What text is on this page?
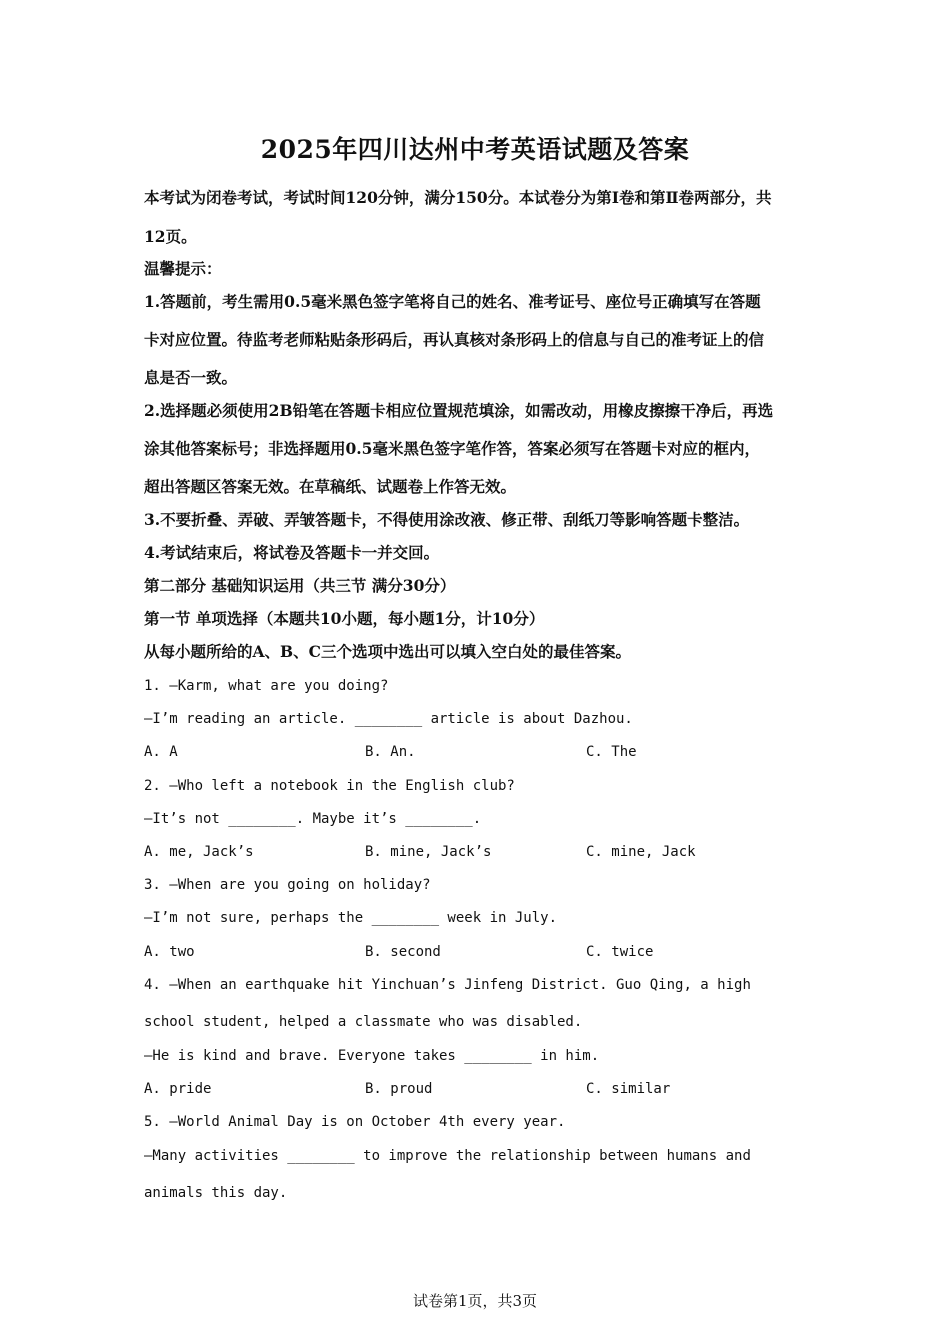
2025年四川达州中考英语试题及答案
本考试为闭卷考试，考试时间120分钟，满分150分。本试卷分为第Ⅰ卷和第Ⅱ卷两部分，共
12页。
温馨提示：
1.答题前，考生需用0.5毫米黑色签字笔将自己的姓名、准考证号、座位号正确填写在答题
卡对应位置。待监考老师粘贴条形码后，再认真核对条形码上的信息与自己的准考证上的信
息是否一致。
2.选择题必须使用2B铅笔在答题卡相应位置规范填涂，如需改动，用橡皮擦擦干净后，再选
涂其他答案标号；非选择题用0.5毫米黑色签字笔作答，答案必须写在答题卡对应的框内，
超出答题区答案无效。在草稿纸、试题卷上作答无效。
3.不要折叠、弄破、弄皱答题卡，不得使用涂改液、修正带、刮纸刀等影响答题卡整洁。
4.考试结束后，将试卷及答题卡一并交回。
第二部分 基础知识运用（共三节 满分30分）
第一节 单项选择（本题共10小题，每小题1分，计10分）
从每小题所给的A、B、C三个选项中选出可以填入空白处的最佳答案。
1. —Karm, what are you doing?
—I’m reading an article. ________ article is about Dazhou.
A. A	B. An.	C. The
2. —Who left a notebook in the English club?
—It’s not ________. Maybe it’s ________.
A. me, Jack’s	B. mine, Jack’s	C. mine, Jack
3. —When are you going on holiday?
—I’m not sure, perhaps the ________ week in July.
A. two	B. second	C. twice
4. —When an earthquake hit Yinchuan’s Jinfeng District. Guo Qing, a high
school student, helped a classmate who was disabled.
—He is kind and brave. Everyone takes ________ in him.
A. pride	B. proud	C. similar
5. —World Animal Day is on October 4th every year.
—Many activities ________ to improve the relationship between humans and
animals this day.
试卷第1页，共3页
